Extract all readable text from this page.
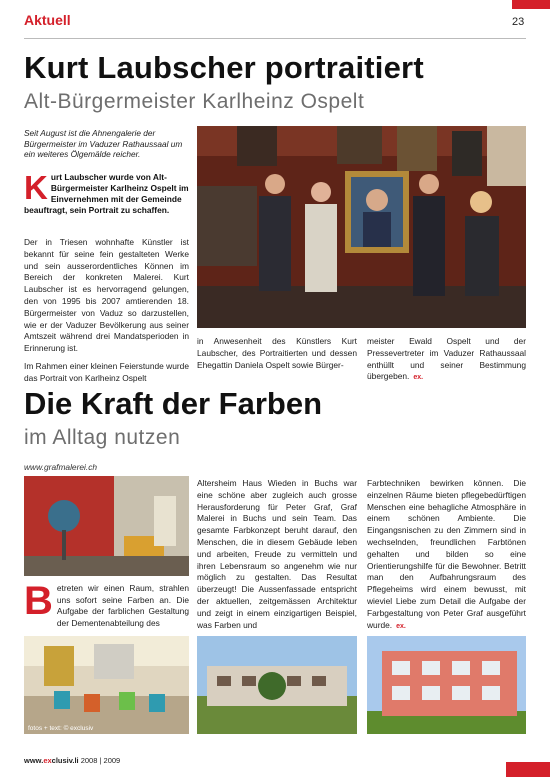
Aktuell	23
Kurt Laubscher portraitiert
Alt-Bürgermeister Karlheinz Ospelt
Seit August ist die Ahnengalerie der Bürgermeister im Vaduzer Rathaussaal um ein weiteres Ölgemälde reicher.
Kurt Laubscher wurde von Alt-Bürgermeister Karlheinz Ospelt im Einvernehmen mit der Gemeinde beauftragt, sein Portrait zu schaffen.

Der in Triesen wohnhafte Künstler ist bekannt für seine fein gestalteten Werke und sein ausserordentliches Können im Bereich der konkreten Malerei. Kurt Laubscher ist es hervorragend gelungen, den von 1995 bis 2007 amtierenden 18. Bürgermeister von Vaduz so darzustellen, wie er der Vaduzer Bevölkerung aus seiner Amtszeit während drei Mandatsperioden in Erinnerung ist.

Im Rahmen einer kleinen Feierstunde wurde das Portrait von Karlheinz Ospelt

in Anwesenheit des Künstlers Kurt Laubscher, des Portraitierten und dessen Ehegattin Daniela Ospelt sowie Bürger-
meister Ewald Ospelt und der Pressevertreter im Vaduzer Rathaussaal enthüllt und seiner Bestimmung übergeben. ex.
Die Kraft der Farben
im Alltag nutzen
www.grafmalerei.ch
Betreten wir einen Raum, strahlen uns sofort seine Farben an. Die Aufgabe der farblichen Gestaltung der Dementenabteilung des
Altersheim Haus Wieden in Buchs war eine schöne aber zugleich auch grosse Herausforderung für Peter Graf, Graf Malerei in Buchs und sein Team. Das gesamte Farbkonzept beruht darauf, den Menschen, die in diesem Gebäude leben und arbeiten, Freude zu vermitteln und ihren Lebensraum so angenehm wie nur möglich zu gestalten. Das Resultat überzeugt! Die Aussenfassade entspricht der aktuellen, zeitgemässen Architektur und zeigt in einem einzigartigen Beispiel, was Farben und
Farbtechniken bewirken können. Die einzelnen Räume bieten pflegebedürftigen Menschen eine behagliche Atmosphäre in einem schönen Ambiente. Die Eingangsnischen zu den Zimmern sind in wechselnden, freundlichen Farbtönen gehalten und bilden so eine Orientierungshilfe für die Bewohner. Betritt man den Aufbahrungsraum des Pflegeheims wird einem bewusst, mit wieviel Liebe zum Detail die Aufgabe der Farbgestaltung von Peter Graf ausgeführt wurde. ex.
fotos + text: © exclusiv
www.exclusiv.li 2008 | 2009
